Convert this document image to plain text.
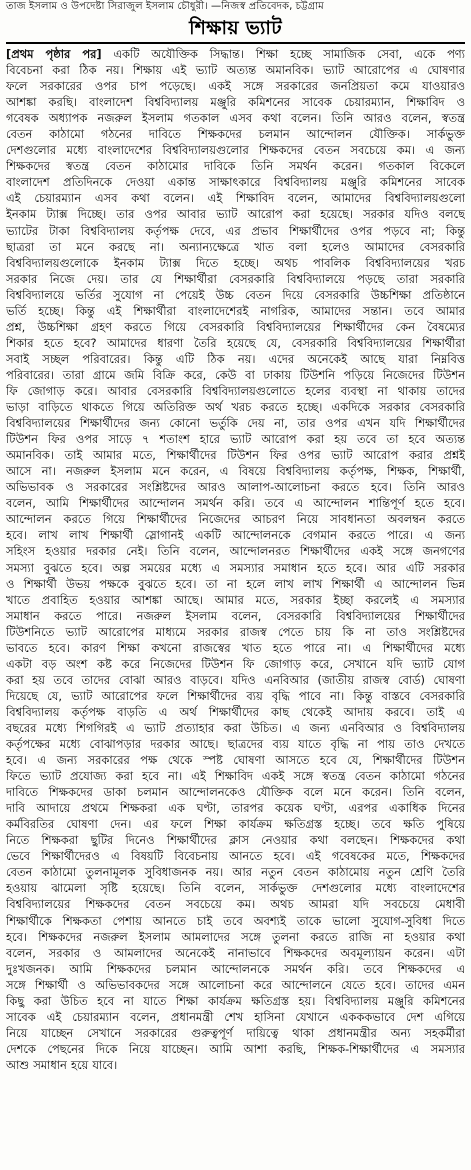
তাজ ইসলাম ও উপদেষ্টা সিরাজুল ইসলাম চৌধুরী। —নিজস্ব প্রতিবেদক, চট্টগ্রাম
শিক্ষায় ভ্যাট
[প্রথম পৃষ্ঠার পর] একটি অযৌক্তিক সিদ্ধান্ত। শিক্ষা হচ্ছে সামাজিক সেবা, একে পণ্য
বিবেচনা করা ঠিক নয়। শিক্ষায় এই ভ্যাট অত্যন্ত অমানবিক। ভ্যাট আরোপের এ ঘোষণার
ফলে সরকারের ওপর চাপ পড়েছে। একই সঙ্গে সরকারের জনপ্রিয়তা কমে যাওয়ারও
আশঙ্কা করছি। বাংলাদেশ বিশ্ববিদ্যালয় মঞ্জুরি কমিশনের সাবেক চেয়ারম্যান, শিক্ষাবিদ ও
গবেষক অধ্যাপক নজরুল ইসলাম গতকাল এসব কথা বলেন। তিনি আরও বলেন, স্বতন্ত্র
বেতন কাঠামো গঠনের দাবিতে শিক্ষকদের চলমান আন্দোলন যৌক্তিক। সার্কভুক্ত
দেশগুলোর মধ্যে বাংলাদেশের বিশ্ববিদ্যালয়গুলোর শিক্ষকদের বেতন সবচেয়ে কম। এ জন্য
শিক্ষকদের স্বতন্ত্র বেতন কাঠামোর দাবিকে তিনি সমর্থন করেন। গতকাল বিকেলে
বাংলাদেশ প্রতিদিনকে দেওয়া একান্ত সাক্ষাৎকারে বিশ্ববিদ্যালয় মঞ্জুরি কমিশনের সাবেক
এই চেয়ারম্যান এসব কথা বলেন। এই শিক্ষাবিদ বলেন, আমাদের বিশ্ববিদ্যালয়গুলো
ইনকাম ট্যাক্স দিচ্ছে। তার ওপর আবার ভ্যাট আরোপ করা হয়েছে। সরকার যদিও বলছে
ভ্যাটের টাকা বিশ্ববিদ্যালয় কর্তৃপক্ষ দেবে, এর প্রভাব শিক্ষার্থীদের ওপর পড়বে না; কিন্তু
ছাত্ররা তা মনে করছে না। অন্যান্যক্ষেত্রে খাত বলা হলেও আমাদের বেসরকারি
বিশ্ববিদ্যালয়গুলোকে ইনকাম ট্যাক্স দিতে হচ্ছে। অথচ পাবলিক বিশ্ববিদ্যালয়ের খরচ
সরকার নিজে দেয়। তার যে শিক্ষার্থীরা বেসরকারি বিশ্ববিদ্যালয়ে পড়ছে তারা সরকারি
বিশ্ববিদ্যালয়ে ভর্তির সুযোগ না পেয়েই উচ্চ বেতন দিয়ে বেসরকারি উচ্চশিক্ষা প্রতিষ্ঠানে
ভর্তি হচ্ছে। কিন্তু এই শিক্ষার্থীরা বাংলাদেশেরই নাগরিক, আমাদের সন্তান। তবে আমার
প্রশ্ন, উচ্চশিক্ষা গ্রহণ করতে গিয়ে বেসরকারি বিশ্ববিদ্যালয়ের শিক্ষার্থীদের কেন বৈষম্যের
শিকার হতে হবে? আমাদের ধারণা তৈরি হয়েছে যে, বেসরকারি বিশ্ববিদ্যালয়ের শিক্ষার্থীরা
সবাই সচ্ছল পরিবারের। কিন্তু এটি ঠিক নয়। এদের অনেকেই আছে যারা নিম্নবিত্ত
পরিবারের। তারা গ্রামে জমি বিক্রি করে, কেউ বা ঢাকায় টিউশনি পড়িয়ে নিজেদের টিউশন
ফি জোগাড় করে। আবার বেসরকারি বিশ্ববিদ্যালয়গুলোতে হলের ব্যবস্থা না থাকায় তাদের
ভাড়া বাড়িতে থাকতে গিয়ে অতিরিক্ত অর্থ খরচ করতে হচ্ছে। একদিকে সরকার বেসরকারি
বিশ্ববিদ্যালয়ের শিক্ষার্থীদের জন্য কোনো ভর্তুকি দেয় না, তার ওপর এখন যদি শিক্ষার্থীদের
টিউশন ফির ওপর সাড়ে ৭ শতাংশ হারে ভ্যাট আরোপ করা হয় তবে তা হবে অত্যন্ত
অমানবিক। তাই আমার মতে, শিক্ষার্থীদের টিউশন ফির ওপর ভ্যাট আরোপ করার প্রশ্নই
আসে না। নজরুল ইসলাম মনে করেন, এ বিষয়ে বিশ্ববিদ্যালয় কর্তৃপক্ষ, শিক্ষক, শিক্ষার্থী,
অভিভাবক ও সরকারের সংশ্লিষ্টদের আরও আলাপ-আলোচনা করতে হবে। তিনি আরও
বলেন, আমি শিক্ষার্থীদের আন্দোলন সমর্থন করি। তবে এ আন্দোলন শান্তিপূর্ণ হতে হবে।
আন্দোলন করতে গিয়ে শিক্ষার্থীদের নিজেদের আচরণ নিয়ে সাবধানতা অবলম্বন করতে
হবে। লাখ লাখ শিক্ষার্থী স্লোগানই একটি আন্দোলনকে বেগমান করতে পারে। এ জন্য
সহিংস হওয়ার দরকার নেই। তিনি বলেন, আন্দোলনরত শিক্ষার্থীদের একই সঙ্গে জনগণের
সমস্যা বুঝতে হবে। অল্প সময়ের মধ্যে এ সমস্যার সমাধান হতে হবে। আর এটি সরকার
ও শিক্ষার্থী উভয় পক্ষকে বুঝতে হবে। তা না হলে লাখ লাখ শিক্ষার্থী এ আন্দোলন ভিন্ন
খাতে প্রবাহিত হওয়ার আশঙ্কা আছে। আমার মতে, সরকার ইচ্ছা করলেই এ সমস্যার
সমাধান করতে পারে। নজরুল ইসলাম বলেন, বেসরকারি বিশ্ববিদ্যালয়ের শিক্ষার্থীদের
টিউশনিতে ভ্যাট আরোপের মাধ্যমে সরকার রাজস্ব পেতে চায় কি না তাও সংশ্লিষ্টদের
ভাবতে হবে। কারণ শিক্ষা কখনো রাজস্বের খাত হতে পারে না। এ শিক্ষার্থীদের মধ্যে
একটা বড় অংশ কষ্ট করে নিজেদের টিউশন ফি জোগাড় করে, সেখানে যদি ভ্যাট যোগ
করা হয় তবে তাদের বোঝা আরও বাড়বে। যদিও এনবিআর (জাতীয় রাজস্ব বোর্ড) ঘোষণা
দিয়েছে যে, ভ্যাট আরোপের ফলে শিক্ষার্থীদের ব্যয় বৃদ্ধি পাবে না। কিন্তু বাস্তবে বেসরকারি
বিশ্ববিদ্যালয় কর্তৃপক্ষ বাড়তি এ অর্থ শিক্ষার্থীদের কাছ থেকেই আদায় করবে। তাই এ
বছরের মধ্যে শিগগিরই এ ভ্যাট প্রত্যাহার করা উচিত। এ জন্য এনবিআর ও বিশ্ববিদ্যালয়
কর্তৃপক্ষের মধ্যে বোঝাপড়ার দরকার আছে। ছাত্রদের ব্যয় যাতে বৃদ্ধি না পায় তাও দেখতে
হবে। এ জন্য সরকারের পক্ষ থেকে স্পষ্ট ঘোষণা আসতে হবে যে, শিক্ষার্থীদের টিউশন
ফিতে ভ্যাট প্রযোজ্য করা হবে না। এই শিক্ষাবিদ একই সঙ্গে স্বতন্ত্র বেতন কাঠামো গঠনের
দাবিতে শিক্ষকদের ডাকা চলমান আন্দোলনকেও যৌক্তিক বলে মনে করেন। তিনি বলেন,
দাবি আদায়ে প্রথমে শিক্ষকরা এক ঘণ্টা, তারপর কয়েক ঘণ্টা, এরপর একাধিক দিনের
কর্মবিরতির ঘোষণা দেন। এর ফলে শিক্ষা কার্যক্রম ক্ষতিগ্রস্ত হচ্ছে। তবে ক্ষতি পুষিয়ে
নিতে শিক্ষকরা ছুটির দিনেও শিক্ষার্থীদের ক্লাস নেওয়ার কথা বলছেন। শিক্ষকদের কথা
ভেবে শিক্ষার্থীদেরও এ বিষয়টি বিবেচনায় আনতে হবে। এই গবেষকের মতে, শিক্ষকদের
বেতন কাঠামো তুলনামূলক সুবিধাজনক নয়। আর নতুন বেতন কাঠামোয় নতুন শ্রেণি তৈরি
হওয়ায় ঝামেলা সৃষ্টি হয়েছে। তিনি বলেন, সার্কভুক্ত দেশগুলোর মধ্যে বাংলাদেশের
বিশ্ববিদ্যালয়ের শিক্ষকদের বেতন সবচেয়ে কম। অথচ আমরা যদি সবচেয়ে মেধাবী
শিক্ষার্থীকে শিক্ষকতা পেশায় আনতে চাই তবে অবশ্যই তাকে ভালো সুযোগ-সুবিধা দিতে
হবে। শিক্ষকদের নজরুল ইসলাম আমলাদের সঙ্গে তুলনা করতে রাজি না হওয়ার কথা
বলেন, সরকার ও আমলাদের অনেকেই নানাভাবে শিক্ষকদের অবমূল্যায়ন করেন। এটা
দুঃখজনক। আমি শিক্ষকদের চলমান আন্দোলনকে সমর্থন করি। তবে শিক্ষকদের এ
সঙ্গে শিক্ষার্থী ও অভিভাবকদের সঙ্গে আলোচনা করে আন্দোলনে যেতে হবে। তাদের এমন
কিছু করা উচিত হবে না যাতে শিক্ষা কার্যক্রম ক্ষতিগ্রস্ত হয়। বিশ্ববিদ্যালয় মঞ্জুরি কমিশনের
সাবেক এই চেয়ারম্যান বলেন, প্রধানমন্ত্রী শেখ হাসিনা যেখানে একককভাবে দেশ এগিয়ে
নিয়ে যাচ্ছেন সেখানে সরকারের গুরুত্বপূর্ণ দায়িত্বে থাকা প্রধানমন্ত্রীর অন্য সহকর্মীরা
দেশকে পেছনের দিকে নিয়ে যাচ্ছেন। আমি আশা করছি, শিক্ষক-শিক্ষার্থীদের এ সমস্যার
আশু সমাধান হয়ে যাবে।
